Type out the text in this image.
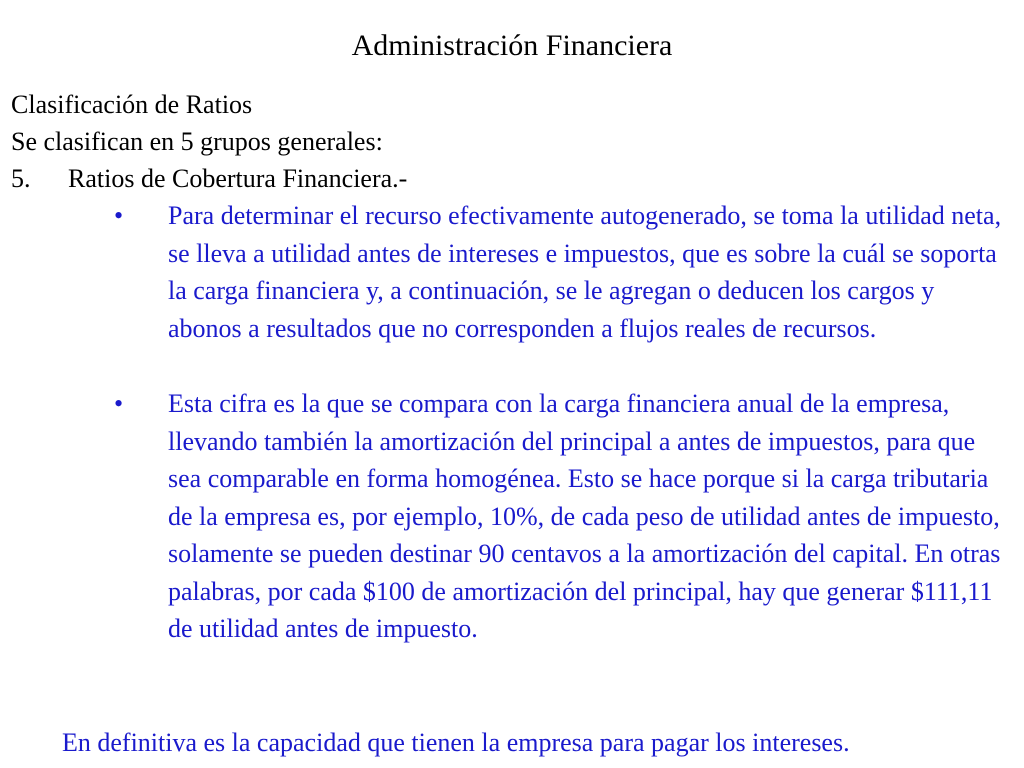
Administración Financiera
Clasificación de Ratios
Se clasifican en 5 grupos generales:
5. Ratios de Cobertura Financiera.-
•	Para determinar el recurso efectivamente autogenerado, se toma la utilidad neta, se lleva a utilidad antes de intereses e impuestos, que es sobre la cuál se soporta la carga financiera y, a continuación, se le agregan o deducen los cargos y abonos a resultados que no corresponden a flujos reales de recursos.
•	Esta cifra es la que se compara con la carga financiera anual de la empresa, llevando también la amortización del principal a antes de impuestos, para que sea comparable en forma homogénea. Esto se hace porque si la carga tributaria de la empresa es, por ejemplo, 10%, de cada peso de utilidad antes de impuesto, solamente se pueden destinar 90 centavos a la amortización del capital. En otras palabras, por cada $100 de amortización del principal, hay que generar $111,11 de utilidad antes de impuesto.
En definitiva es la capacidad que tienen la empresa para pagar los intereses.
